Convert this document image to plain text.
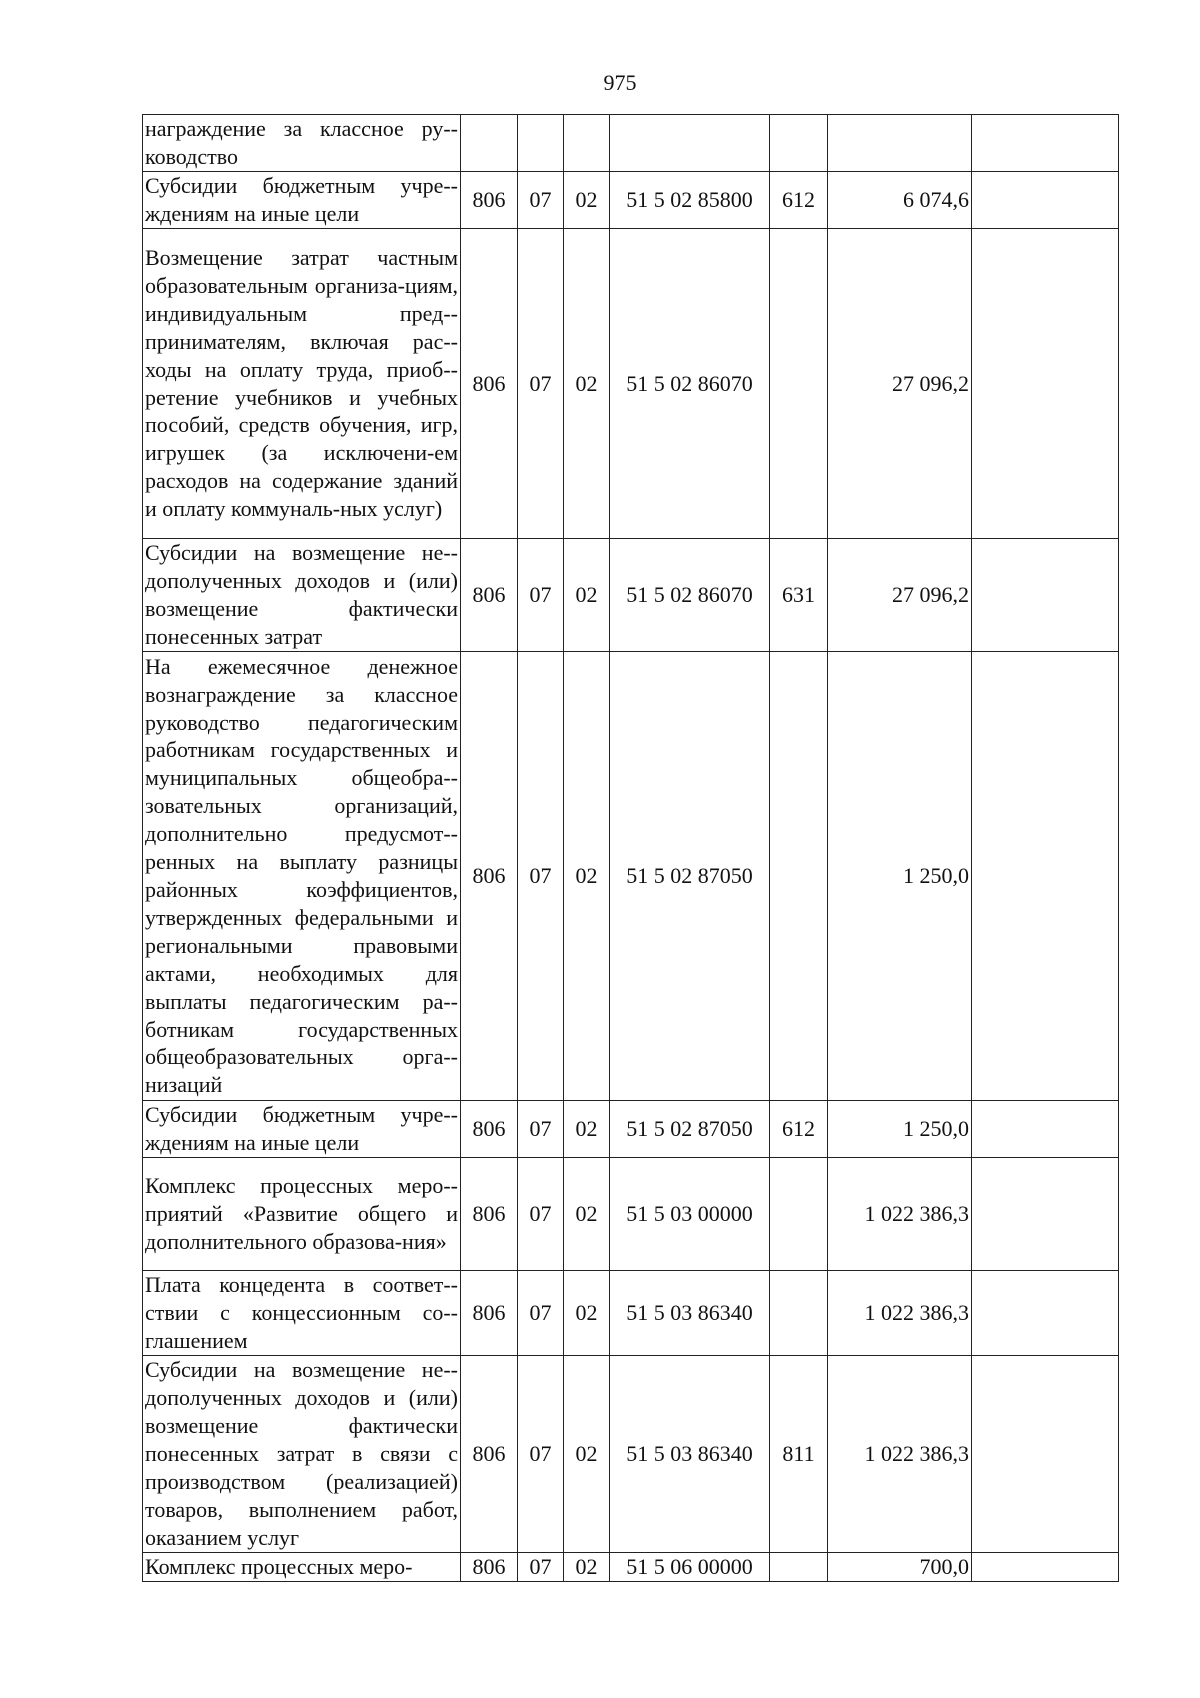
975
награждение за классное ру-ководство							
Субсидии бюджетным учре-ждениям на иные цели	806	07	02	51 5 02 85800	612	6 074,6	
Возмещение затрат частным образовательным организа-циям, индивидуальным пред-принимателям, включая рас-ходы на оплату труда, приоб-ретение учебников и учебных пособий, средств обучения, игр, игрушек (за исключени-ем расходов на содержание зданий и оплату коммуналь-ных услуг)	806	07	02	51 5 02 86070		27 096,2	
Субсидии на возмещение не-дополученных доходов и (или) возмещение фактически понесенных затрат	806	07	02	51 5 02 86070	631	27 096,2	
На ежемесячное денежное вознаграждение за классное руководство педагогическим работникам государственных и муниципальных общеобра-зовательных организаций, дополнительно предусмот-ренных на выплату разницы районных коэффициентов, утвержденных федеральными и региональными правовыми актами, необходимых для выплаты педагогическим ра-ботникам государственных общеобразовательных орга-низаций	806	07	02	51 5 02 87050		1 250,0	
Субсидии бюджетным учре-ждениям на иные цели	806	07	02	51 5 02 87050	612	1 250,0	
Комплекс процессных меро-приятий «Развитие общего и дополнительного образова-ния»	806	07	02	51 5 03 00000		1 022 386,3	
Плата концедента в соответ-ствии с концессионным со-глашением	806	07	02	51 5 03 86340		1 022 386,3	
Субсидии на возмещение не-дополученных доходов и (или) возмещение фактически понесенных затрат в связи с производством (реализацией) товаров, выполнением работ, оказанием услуг	806	07	02	51 5 03 86340	811	1 022 386,3	
Комплекс процессных меро-	806	07	02	51 5 06 00000		700,0	
